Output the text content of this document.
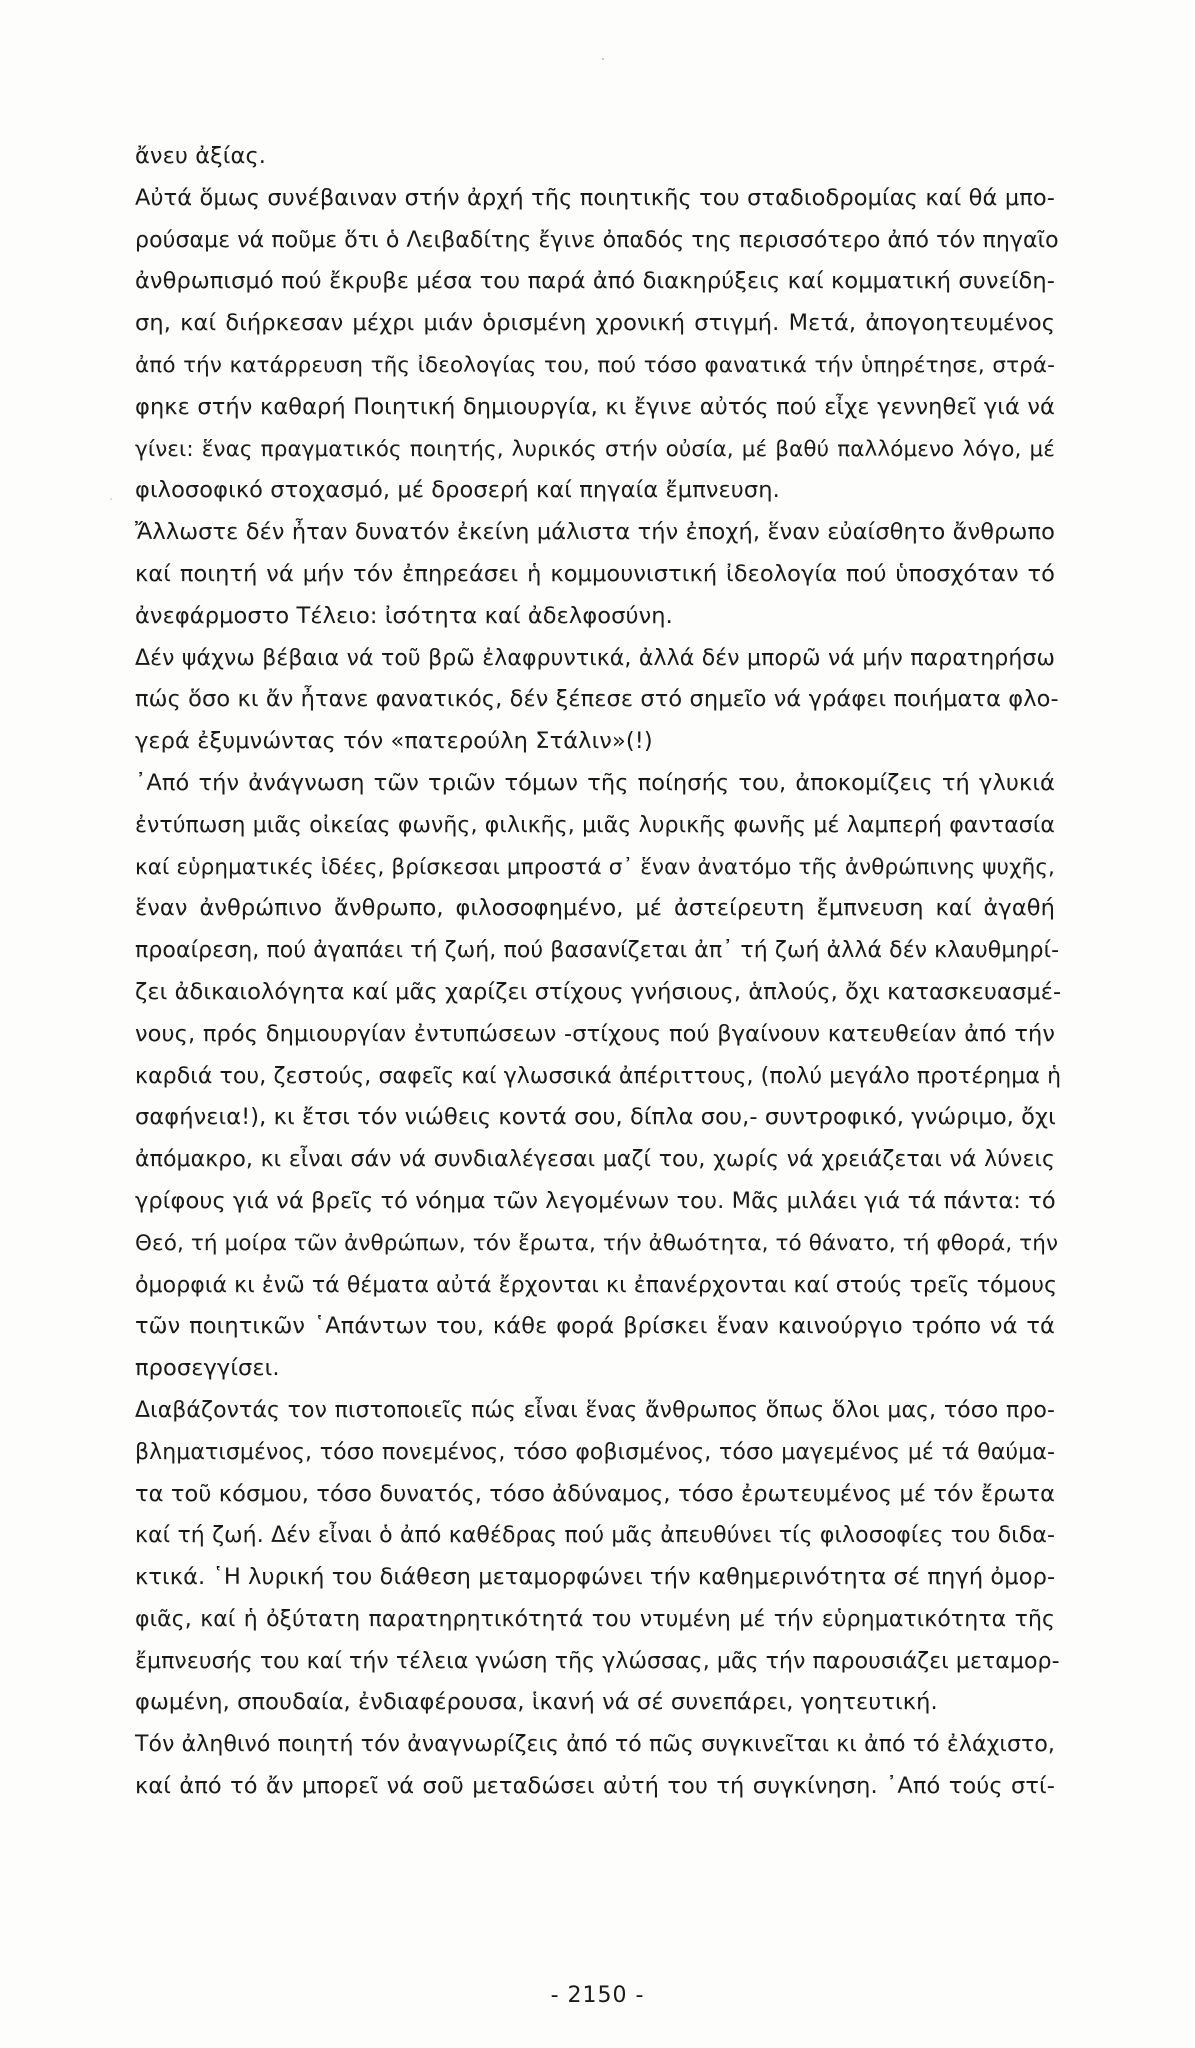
ἄνευ ἀξίας.
Αὐτά ὅμως συνέβαιναν στήν ἀρχή τῆς ποιητικῆς του σταδιοδρομίας καί θά μπο-
ρούσαμε νά ποῦμε ὅτι ὁ Λειβαδίτης ἔγινε ὀπαδός της περισσότερο ἀπό τόν πηγαῖο
ἀνθρωπισμό πού ἔκρυβε μέσα του παρά ἀπό διακηρύξεις καί κομματική συνείδη-
ση, καί διήρκεσαν μέχρι μιάν ὁρισμένη χρονική στιγμή. Μετά, ἀπογοητευμένος
ἀπό τήν κατάρρευση τῆς ἰδεολογίας του, πού τόσο φανατικά τήν ὑπηρέτησε, στρά-
φηκε στήν καθαρή Ποιητική δημιουργία, κι ἔγινε αὐτός πού εἶχε γεννηθεῖ γιά νά
γίνει: ἕνας πραγματικός ποιητής, λυρικός στήν οὐσία, μέ βαθύ παλλόμενο λόγο, μέ
φιλοσοφικό στοχασμό, μέ δροσερή καί πηγαία ἔμπνευση.
Ἄλλωστε δέν ἦταν δυνατόν ἐκείνη μάλιστα τήν ἐποχή, ἕναν εὐαίσθητο ἄνθρωπο
καί ποιητή νά μήν τόν ἐπηρεάσει ἡ κομμουνιστική ἰδεολογία πού ὑποσχόταν τό
ἀνεφάρμοστο Τέλειο: ἰσότητα καί ἀδελφοσύνη.
Δέν ψάχνω βέβαια νά τοῦ βρῶ ἐλαφρυντικά, ἀλλά δέν μπορῶ νά μήν παρατηρήσω
πώς ὅσο κι ἄν ἦτανε φανατικός, δέν ξέπεσε στό σημεῖο νά γράφει ποιήματα φλο-
γερά ἐξυμνώντας τόν «πατερούλη Στάλιν»(!)
᾿Από τήν ἀνάγνωση τῶν τριῶν τόμων τῆς ποίησής του, ἀποκομίζεις τή γλυκιά
ἐντύπωση μιᾶς οἰκείας φωνῆς, φιλικῆς, μιᾶς λυρικῆς φωνῆς μέ λαμπερή φαντασία
καί εὑρηματικές ἰδέες, βρίσκεσαι μπροστά σ᾿ ἕναν ἀνατόμο τῆς ἀνθρώπινης ψυχῆς,
ἕναν ἀνθρώπινο ἄνθρωπο, φιλοσοφημένο, μέ ἀστείρευτη ἔμπνευση καί ἀγαθή
προαίρεση, πού ἀγαπάει τή ζωή, πού βασανίζεται ἀπ᾿ τή ζωή ἀλλά δέν κλαυθμηρί-
ζει ἀδικαιολόγητα καί μᾶς χαρίζει στίχους γνήσιους, ἁπλούς, ὄχι κατασκευασμέ-
νους, πρός δημιουργίαν ἐντυπώσεων -στίχους πού βγαίνουν κατευθείαν ἀπό τήν
καρδιά του, ζεστούς, σαφεῖς καί γλωσσικά ἀπέριττους, (πολύ μεγάλο προτέρημα ἡ
σαφήνεια!), κι ἔτσι τόν νιώθεις κοντά σου, δίπλα σου,- συντροφικό, γνώριμο, ὄχι
ἀπόμακρο, κι εἶναι σάν νά συνδιαλέγεσαι μαζί του, χωρίς νά χρειάζεται νά λύνεις
γρίφους γιά νά βρεῖς τό νόημα τῶν λεγομένων του. Μᾶς μιλάει γιά τά πάντα: τό
Θεό, τή μοίρα τῶν ἀνθρώπων, τόν ἔρωτα, τήν ἀθωότητα, τό θάνατο, τή φθορά, τήν
ὀμορφιά κι ἐνῶ τά θέματα αὐτά ἔρχονται κι ἐπανέρχονται καί στούς τρεῖς τόμους
τῶν ποιητικῶν ῾Απάντων του, κάθε φορά βρίσκει ἕναν καινούργιο τρόπο νά τά
προσεγγίσει.
Διαβάζοντάς τον πιστοποιεῖς πώς εἶναι ἕνας ἄνθρωπος ὅπως ὅλοι μας, τόσο προ-
βληματισμένος, τόσο πονεμένος, τόσο φοβισμένος, τόσο μαγεμένος μέ τά θαύμα-
τα τοῦ κόσμου, τόσο δυνατός, τόσο ἀδύναμος, τόσο ἐρωτευμένος μέ τόν ἔρωτα
καί τή ζωή. Δέν εἶναι ὁ ἀπό καθέδρας πού μᾶς ἀπευθύνει τίς φιλοσοφίες του διδα-
κτικά. ῾Η λυρική του διάθεση μεταμορφώνει τήν καθημερινότητα σέ πηγή ὀμορ-
φιᾶς, καί ἡ ὀξύτατη παρατηρητικότητά του ντυμένη μέ τήν εὑρηματικότητα τῆς
ἔμπνευσής του καί τήν τέλεια γνώση τῆς γλώσσας, μᾶς τήν παρουσιάζει μεταμορ-
φωμένη, σπουδαία, ἐνδιαφέρουσα, ἱκανή νά σέ συνεπάρει, γοητευτική.
Τόν ἀληθινό ποιητή τόν ἀναγνωρίζεις ἀπό τό πῶς συγκινεῖται κι ἀπό τό ἐλάχιστο,
καί ἀπό τό ἄν μπορεῖ νά σοῦ μεταδώσει αὐτή του τή συγκίνηση. ᾿Από τούς στί-
- 2150 -
